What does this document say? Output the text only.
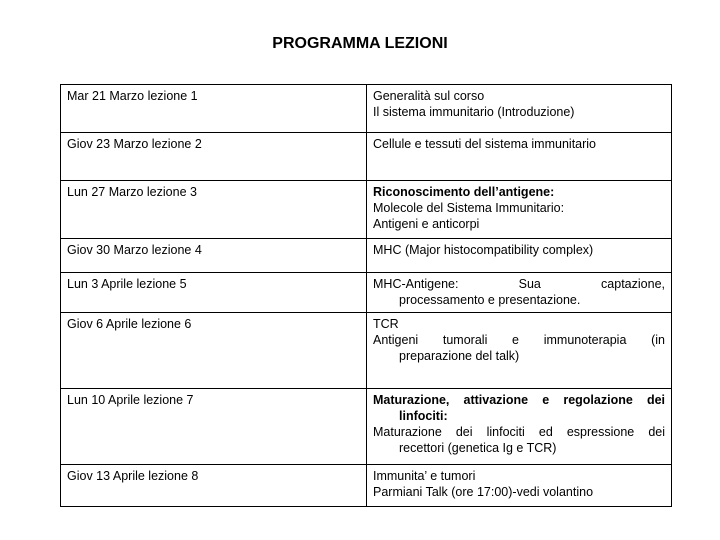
PROGRAMMA LEZIONI
Mar 21 Marzo lezione 1	Generalità sul corso
Il sistema immunitario (Introduzione)

Giov 23 Marzo lezione 2	Cellule e tessuti del sistema immunitario

Lun 27 Marzo lezione 3	Riconoscimento dell’antigene:
Molecole del Sistema Immunitario:
Antigeni e anticorpi

Giov 30 Marzo lezione 4	MHC (Major histocompatibility complex)

Lun 3 Aprile lezione 5	MHC-Antigene: Sua captazione,
processamento e presentazione.

Giov 6 Aprile lezione 6	TCR
Antigeni tumorali e immunoterapia (in
preparazione del talk)

Lun 10 Aprile lezione 7	Maturazione, attivazione e regolazione dei
linfociti:
Maturazione dei linfociti ed espressione dei
recettori (genetica Ig e TCR)

Giov 13 Aprile lezione 8	Immunita’ e tumori
Parmiani Talk (ore 17:00)-vedi volantino
